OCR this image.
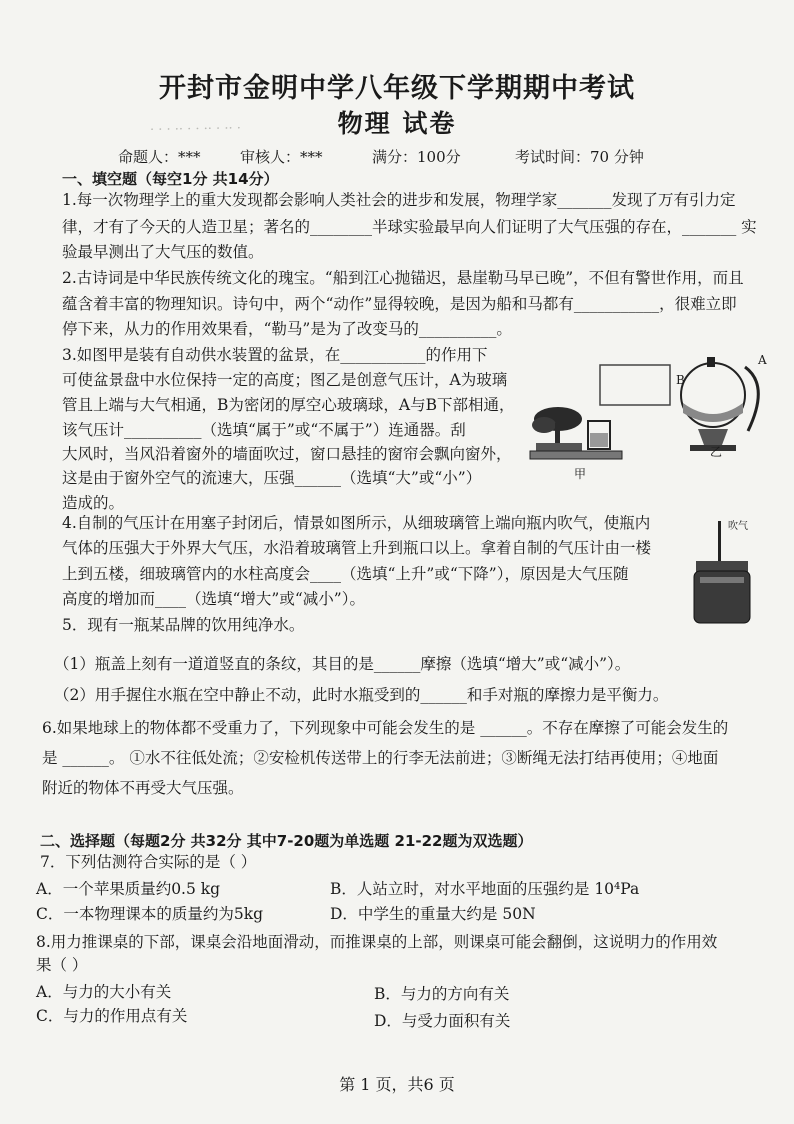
· · · ·· · · ·· · ·· ·
开封市金明中学八年级下学期期中考试
物理 试卷
命题人：***	审核人：***	满分：100分	考试时间：70 分钟
一、填空题（每空1分 共14分）
1.每一次物理学上的重大发现都会影响人类社会的进步和发展，物理学家_______发现了万有引力定
律，才有了今天的人造卫星；著名的________半球实验最早向人们证明了大气压强的存在，_______ 实
验最早测出了大气压的数值。
2.古诗词是中华民族传统文化的瑰宝。“船到江心抛锚迟，悬崖勒马早已晚”，不但有警世作用，而且
蕴含着丰富的物理知识。诗句中，两个“动作”显得较晚，是因为船和马都有___________，很难立即
停下来，从力的作用效果看，“勒马”是为了改变马的__________。
3.如图甲是装有自动供水装置的盆景，在___________的作用下
可使盆景盘中水位保持一定的高度；图乙是创意气压计，A为玻璃
管且上端与大气相通，B为密闭的厚空心玻璃球，A与B下部相通，
该气压计__________（选填“属于”或“不属于”）连通器。刮
大风时，当风沿着窗外的墙面吹过，窗口悬挂的窗帘会飘向窗外，
这是由于窗外空气的流速大，压强______（选填“大”或“小”）
造成的。
甲
A
B
乙
4.自制的气压计在用塞子封闭后，情景如图所示，从细玻璃管上端向瓶内吹气，使瓶内
气体的压强大于外界大气压，水沿着玻璃管上升到瓶口以上。拿着自制的气压计由一楼
上到五楼，细玻璃管内的水柱高度会____（选填“上升”或“下降”），原因是大气压随
高度的增加而____（选填“增大”或“减小”）。
吹气
5．现有一瓶某品牌的饮用纯净水。
（1）瓶盖上刻有一道道竖直的条纹，其目的是______摩擦（选填“增大”或“减小”）。
（2）用手握住水瓶在空中静止不动，此时水瓶受到的______和手对瓶的摩擦力是平衡力。
6.如果地球上的物体都不受重力了，下列现象中可能会发生的是 ______。不存在摩擦了可能会发生的
是 ______。 ①水不往低处流；②安检机传送带上的行李无法前进；③断绳无法打结再使用；④地面
附近的物体不再受大气压强。
二、选择题（每题2分 共32分 其中7-20题为单选题 21-22题为双选题）
7．下列估测符合实际的是（ ）
A．一个苹果质量约0.5 kg	B．人站立时，对水平地面的压强约是 10⁴Pa
C．一本物理课本的质量约为5kg	D．中学生的重量大约是 50N
8.用力推课桌的下部，课桌会沿地面滑动，而推课桌的上部，则课桌可能会翻倒，这说明力的作用效
果（ ）
A．与力的大小有关	B．与力的方向有关
C．与力的作用点有关	D．与受力面积有关
第 1 页，共6 页
